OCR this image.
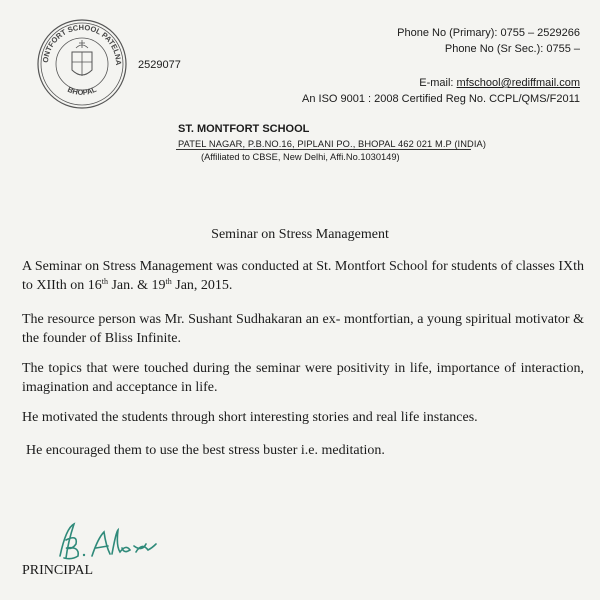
ONTFORT SCHOOL PATELNA
BHOPAL
2529077
Phone No (Primary): 0755 – 2529266
Phone No (Sr Sec.): 0755 –
E-mail: mfschool@rediffmail.com
An ISO 9001 : 2008 Certified Reg No. CCPL/QMS/F2011
ST. MONTFORT SCHOOL
PATEL NAGAR, P.B.NO.16, PIPLANI PO., BHOPAL 462 021 M.P (INDIA)
(Affiliated to CBSE, New Delhi, Affi.No.1030149)
Seminar on Stress Management
A Seminar on Stress Management was conducted at St. Montfort School for students of classes IXth to XIIth on 16th Jan. & 19th Jan, 2015.
The resource person was Mr. Sushant Sudhakaran an ex- montfortian, a young spiritual motivator & the founder of Bliss Infinite.
The topics that were touched during the seminar were positivity in life, importance of interaction, imagination and acceptance in life.
He motivated the students through short interesting stories and real life instances.
He encouraged them to use the best stress buster i.e. meditation.
PRINCIPAL
